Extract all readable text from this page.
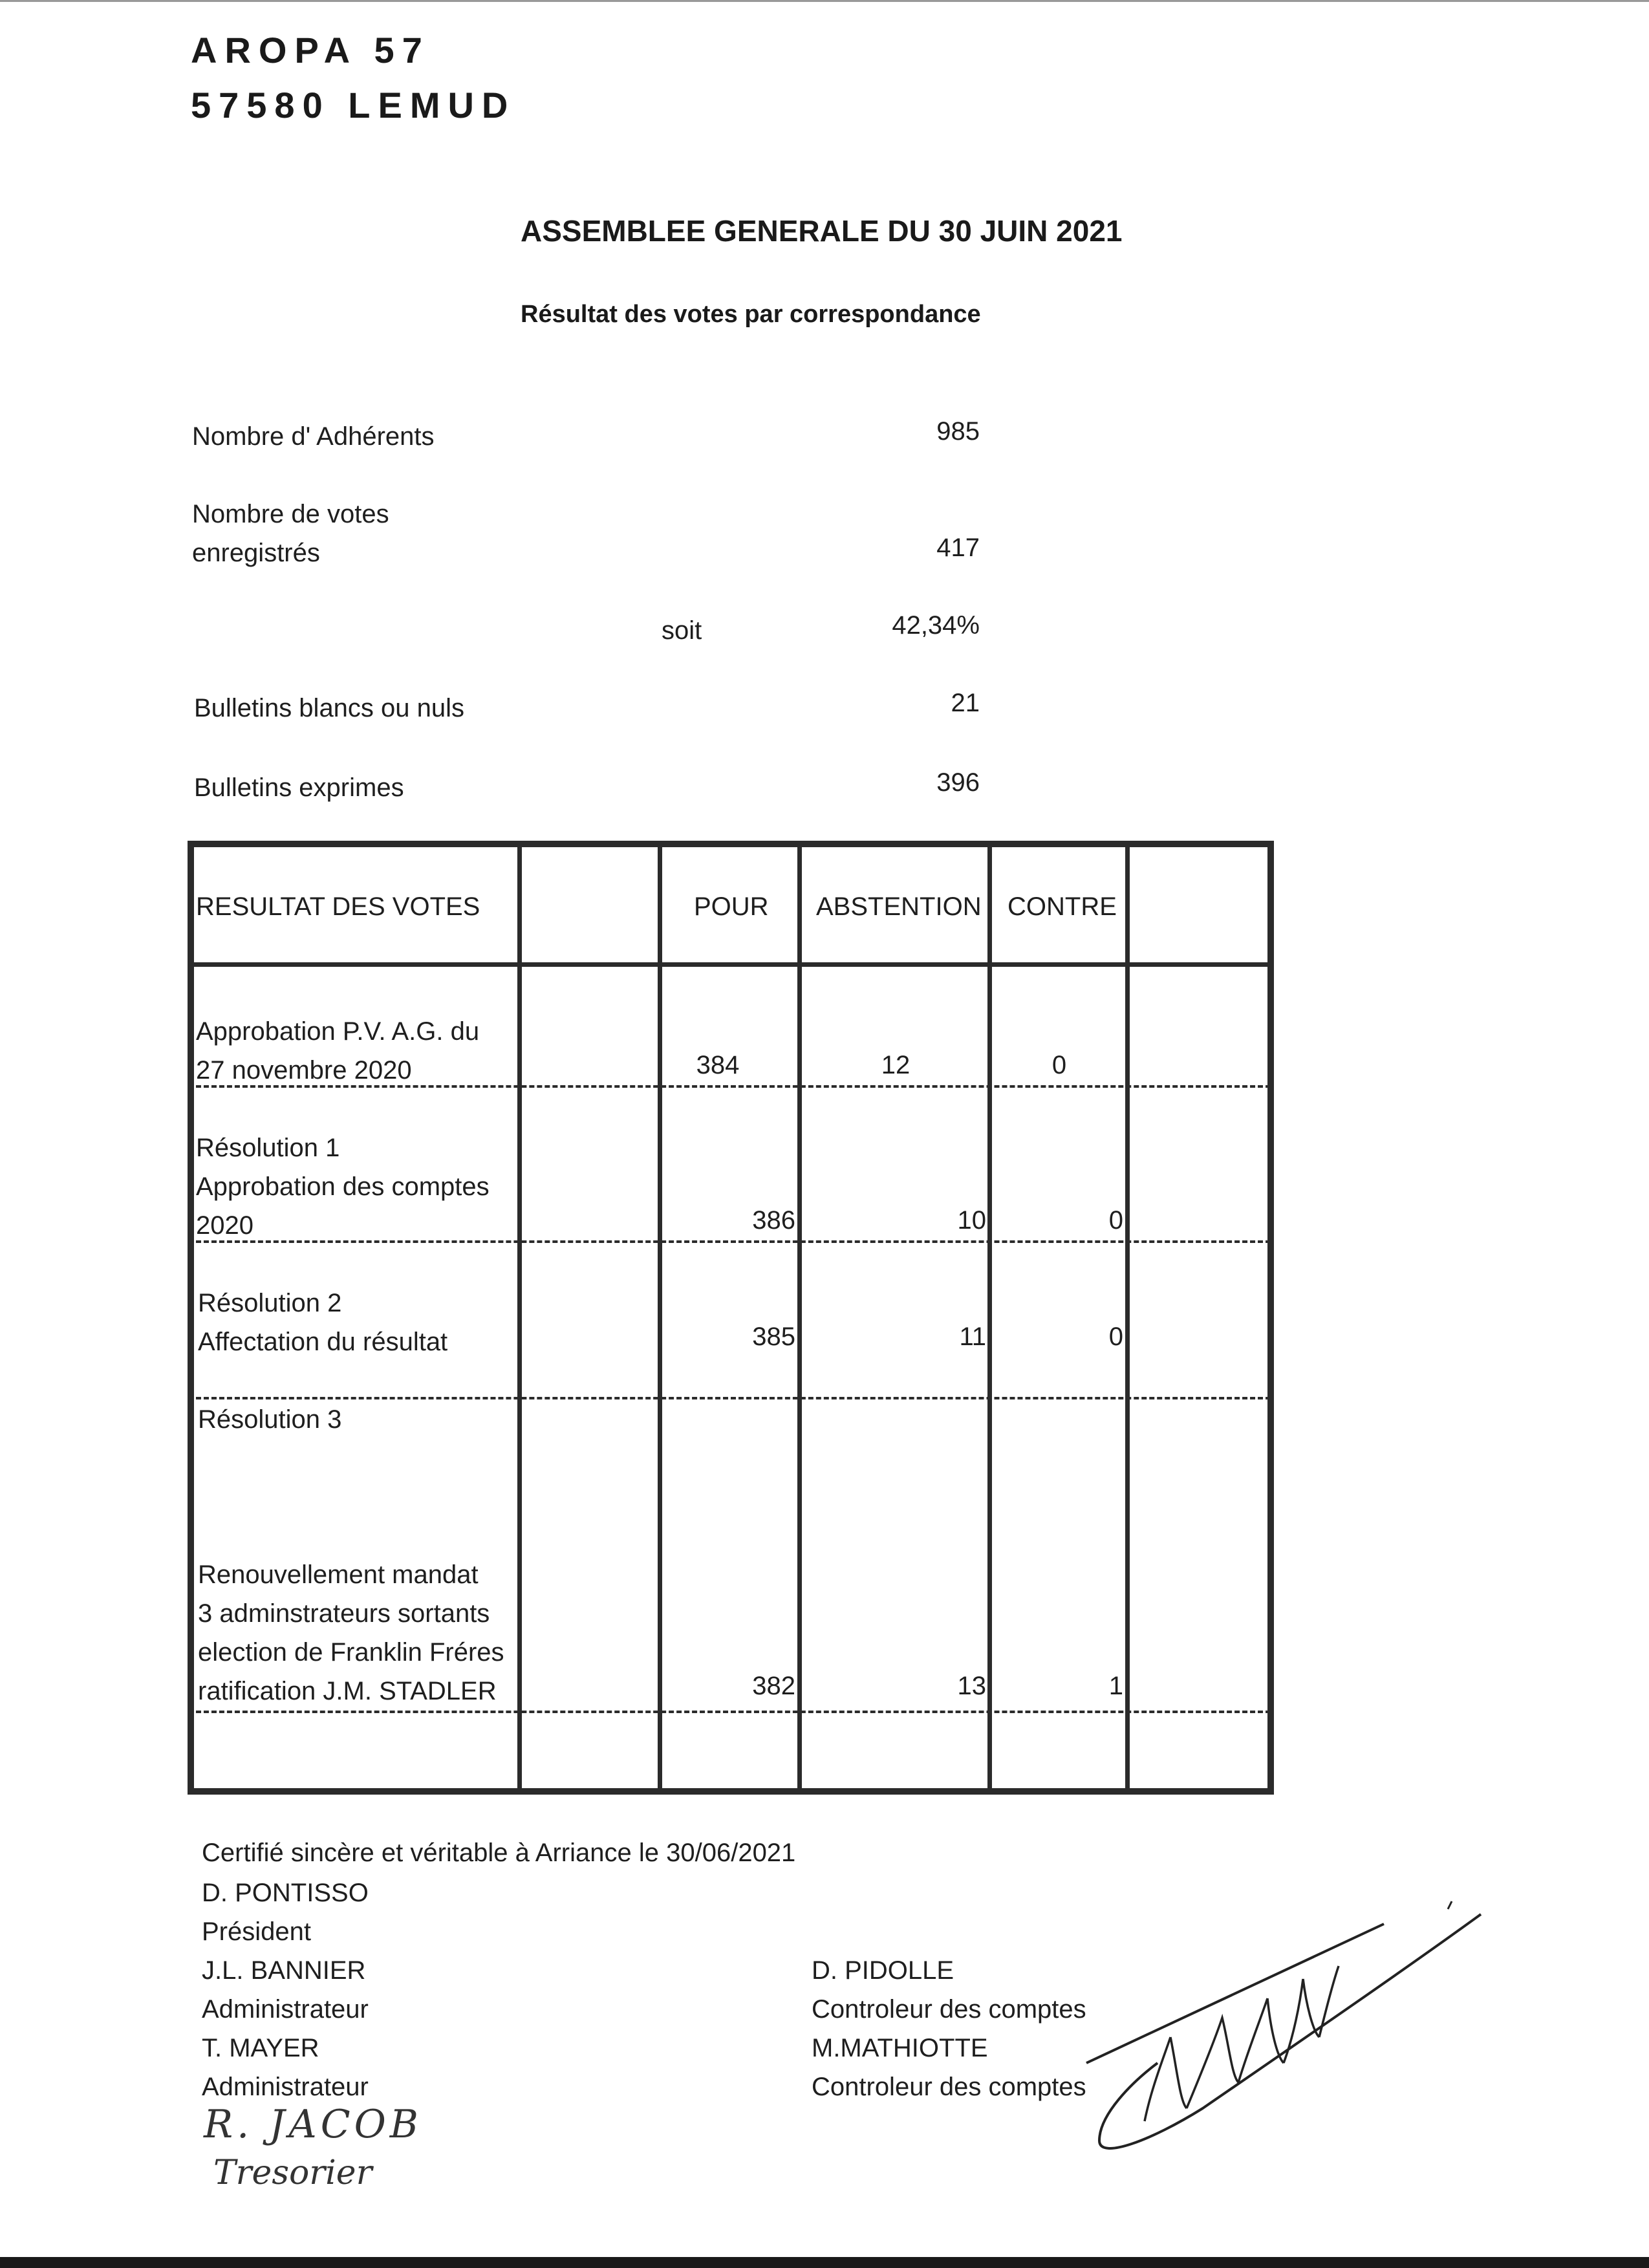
AROPA 57
57580 LEMUD
ASSEMBLEE GENERALE DU 30 JUIN 2021
Résultat des votes par correspondance
Nombre d' Adhérents	985
Nombre de votes
enregistrés	417
soit	42,34%
Bulletins blancs ou nuls	21
Bulletins exprimes	396
RESULTAT DES VOTES	POUR ABSTENTION CONTRE
Approbation P.V. A.G. du
27 novembre 2020	384	12	0
Résolution 1
Approbation des comptes
2020	386	10	0
Résolution 2
Affectation du résultat	385	11	0
Résolution 3
Renouvellement mandat
3 adminstrateurs sortants
election de Franklin Fréres
ratification J.M. STADLER	382	13	1
Certifié sincère et véritable à Arriance le 30/06/2021
D. PONTISSO
Président
J.L. BANNIER
Administrateur
T. MAYER
Administrateur
D. PIDOLLE
Controleur des comptes
M.MATHIOTTE
Controleur des comptes
R. JACOB
Tresorier
